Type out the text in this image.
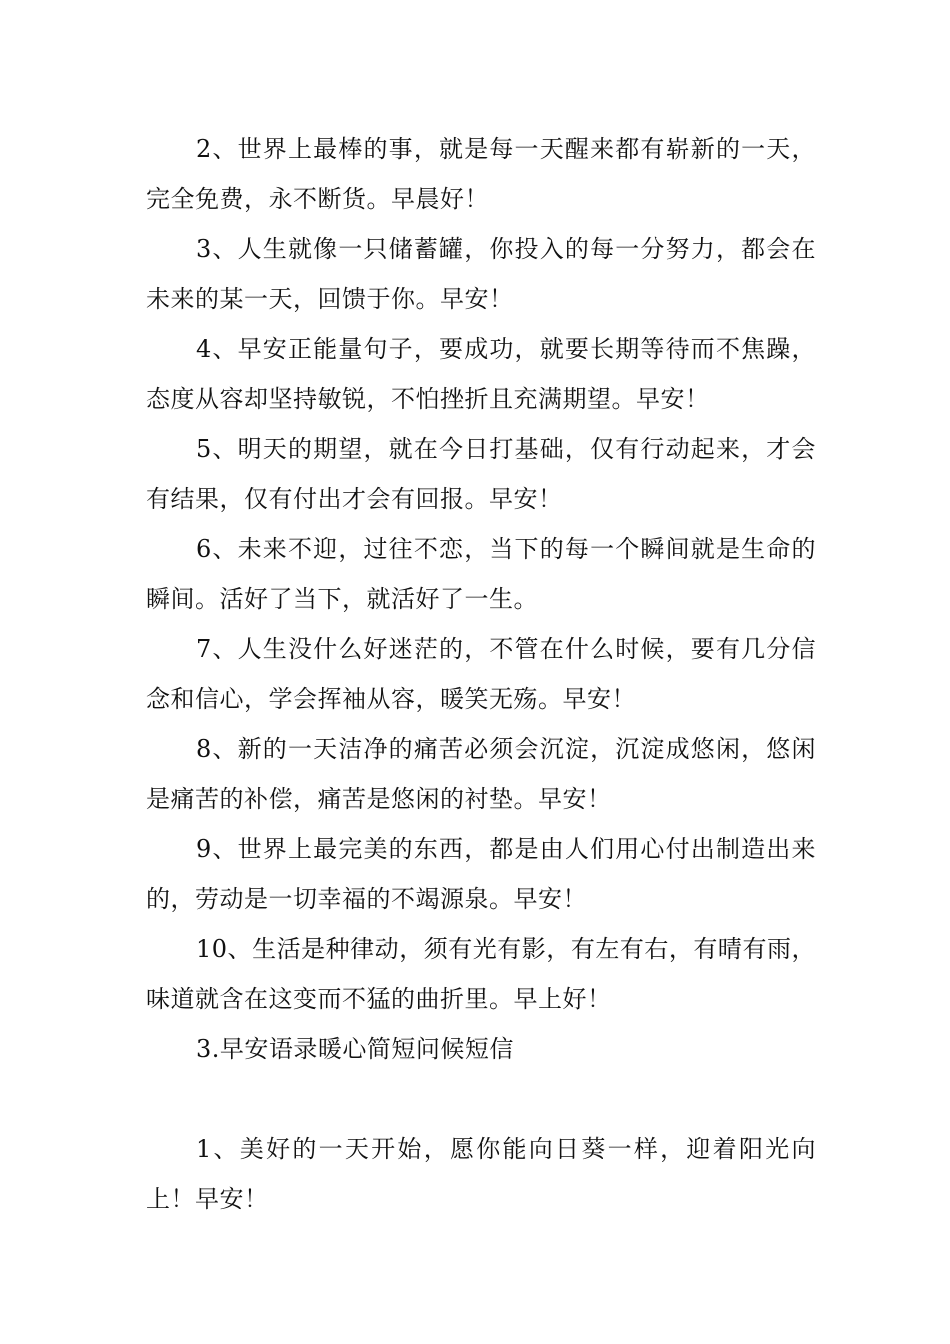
2、世界上最棒的事，就是每一天醒来都有崭新的一天，完全免费，永不断货。早晨好！

3、人生就像一只储蓄罐，你投入的每一分努力，都会在未来的某一天，回馈于你。早安！

4、早安正能量句子，要成功，就要长期等待而不焦躁，态度从容却坚持敏锐，不怕挫折且充满期望。早安！

5、明天的期望，就在今日打基础，仅有行动起来，才会有结果，仅有付出才会有回报。早安！

6、未来不迎，过往不恋，当下的每一个瞬间就是生命的瞬间。活好了当下，就活好了一生。

7、人生没什么好迷茫的，不管在什么时候，要有几分信念和信心，学会挥袖从容，暖笑无殇。早安！

8、新的一天洁净的痛苦必须会沉淀，沉淀成悠闲，悠闲是痛苦的补偿，痛苦是悠闲的衬垫。早安！

9、世界上最完美的东西，都是由人们用心付出制造出来的，劳动是一切幸福的不竭源泉。早安！

10、生活是种律动，须有光有影，有左有右，有晴有雨，味道就含在这变而不猛的曲折里。早上好！

3.早安语录暖心简短问候短信

1、美好的一天开始，愿你能向日葵一样，迎着阳光向上！早安！
